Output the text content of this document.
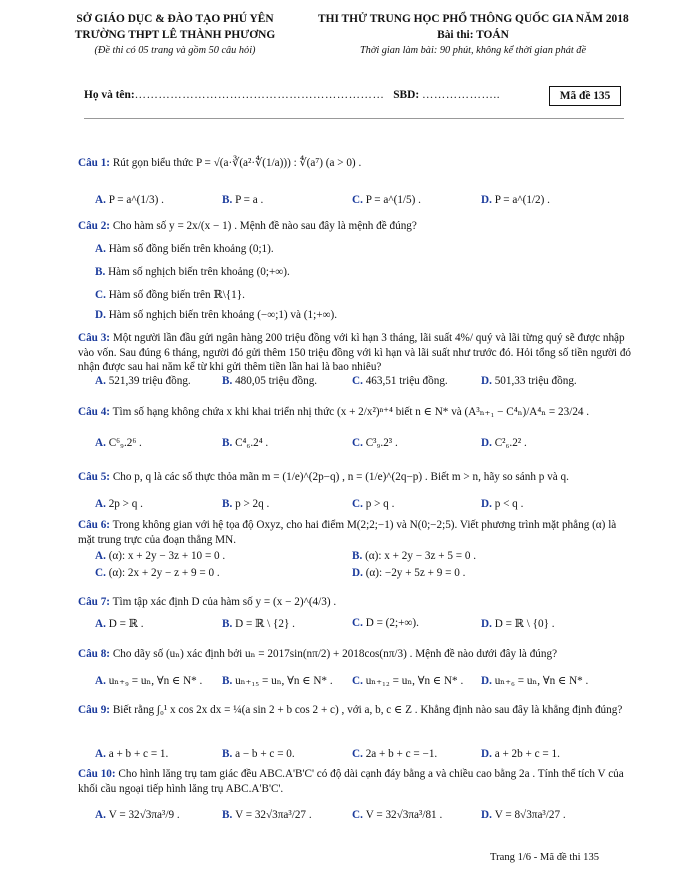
SỞ GIÁO DỤC & ĐÀO TẠO PHÚ YÊN
TRƯỜNG THPT LÊ THÀNH PHƯƠNG
(Đề thi có 05 trang và gồm 50 câu hỏi)
THI THỬ TRUNG HỌC PHỔ THÔNG QUỐC GIA NĂM 2018
Bài thi: TOÁN
Thời gian làm bài: 90 phút, không kể thời gian phát đề
Họ và tên:……………………………………………………… SBD: ………………..	Mã đề 135
Câu 1: Rút gọn biểu thức P = √(a·∛(a²·∜(1/a))) : ∜(a⁷) (a > 0) .
A. P = a^(1/3) .	B. P = a .	C. P = a^(1/5) .	D. P = a^(1/2) .
Câu 2: Cho hàm số y = 2x/(x − 1) . Mệnh đề nào sau đây là mệnh đề đúng?
A. Hàm số đồng biến trên khoảng (0;1).
B. Hàm số nghịch biến trên khoảng (0;+∞).
C. Hàm số đồng biến trên ℝ\{1}.
D. Hàm số nghịch biến trên khoảng (−∞;1) và (1;+∞).
Câu 3: Một người lần đầu gửi ngân hàng 200 triệu đồng với kì hạn 3 tháng, lãi suất 4%/ quý và lãi từng quý sẽ được nhập vào vốn. Sau đúng 6 tháng, người đó gửi thêm 150 triệu đồng với kì hạn và lãi suất như trước đó. Hỏi tổng số tiền người đó nhận được sau hai năm kể từ khi gửi thêm tiền lần hai là bao nhiêu?
A. 521,39 triệu đồng.	B. 480,05 triệu đồng.	C. 463,51 triệu đồng.	D. 501,33 triệu đồng.
Câu 4: Tìm số hạng không chứa x khi khai triển nhị thức (x + 2/x²)ⁿ⁺⁴ biết n ∈ N* và (A³ₙ₊₁ − C⁴ₙ)/A⁴ₙ = 23/24 .
A. C⁶₉.2⁶ .	B. C⁴₆.2⁴ .	C. C³₉.2³ .	D. C²₆.2² .
Câu 5: Cho p, q là các số thực thỏa mãn m = (1/e)^(2p−q) , n = (1/e)^(2q−p) . Biết m > n, hãy so sánh p và q.
A. 2p > q .	B. p > 2q .	C. p > q .	D. p < q .
Câu 6: Trong không gian với hệ tọa độ Oxyz, cho hai điểm M(2;2;−1) và N(0;−2;5). Viết phương trình mặt phẳng (α) là mặt trung trực của đoạn thẳng MN.
A. (α): x + 2y − 3z + 10 = 0 .	B. (α): x + 2y − 3z + 5 = 0 .
C. (α): 2x + 2y − z + 9 = 0 .	D. (α): −2y + 5z + 9 = 0 .
Câu 7: Tìm tập xác định D của hàm số y = (x − 2)^(4/3) .
A. D = ℝ .	B. D = ℝ \ {2} .	C. D = (2;+∞).	D. D = ℝ \ {0} .
Câu 8: Cho dãy số (uₙ) xác định bởi uₙ = 2017sin(nπ/2) + 2018cos(nπ/3) . Mệnh đề nào dưới đây là đúng?
A. uₙ₊₉ = uₙ, ∀n ∈ N* . B. uₙ₊₁₅ = uₙ, ∀n ∈ N* . C. uₙ₊₁₂ = uₙ, ∀n ∈ N* . D. uₙ₊₆ = uₙ, ∀n ∈ N* .
Câu 9: Biết rằng ∫₀¹ x cos 2x dx = ¼(a sin 2 + b cos 2 + c) , với a, b, c ∈ Z . Khẳng định nào sau đây là khẳng định đúng?
A. a + b + c = 1.	B. a − b + c = 0.	C. 2a + b + c = −1.	D. a + 2b + c = 1.
Câu 10: Cho hình lăng trụ tam giác đều ABC.A'B'C' có độ dài cạnh đáy bằng a và chiều cao bằng 2a . Tính thể tích V của khối cầu ngoại tiếp hình lăng trụ ABC.A'B'C'.
A. V = 32√3πa³/9 .	B. V = 32√3πa³/27 .	C. V = 32√3πa³/81 .	D. V = 8√3πa³/27 .
Trang 1/6 - Mã đề thi 135
